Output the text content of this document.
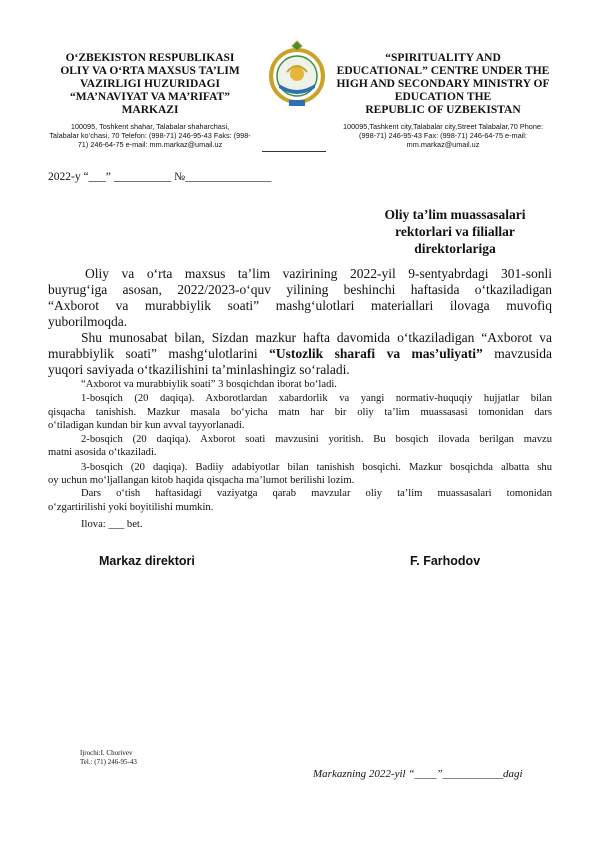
O‘ZBEKISTON RESPUBLIKASI
OLIY VA O‘RTA MAXSUS TA’LIM
VAZIRLIGI HUZURIDAGI
“MA’NAVIYAT VA MA’RIFAT”
MARKAZI
100095, Toshkent shahar, Talabalar shaharchasi,
Talabalar ko‘chasi, 70 Telefon: (998-71) 246-95-43 Faks: (998-
71) 246-64-75 e-mail: mm.markaz@umail.uz
“SPIRITUALITY AND
EDUCATIONAL” CENTRE UNDER THE
HIGH AND SECONDARY MINISTRY OF
EDUCATION THE
REPUBLIC OF UZBEKISTAN
100095,Tashkent city,Talabalar city,Street Talabalar,70 Phone:
(998-71) 246-95-43 Fax: (998-71) 246-64-75 e-mail:
mm.markaz@umail.uz
2022-y “___” __________ №_______________
Oliy ta’lim muassasalari
rektorlari va filiallar
direktorlariga
Oliy va o‘rta maxsus ta’lim vazirining 2022-yil 9-sentyabrdagi 301-sonli
buyrug‘iga asosan, 2022/2023-o‘quv yilining beshinchi haftasida o‘tkaziladigan
“Axborot va murabbiylik soati” mashg‘ulotlari materiallari ilovaga muvofiq
yuborilmoqda.
Shu munosabat bilan, Sizdan mazkur hafta davomida o‘tkaziladigan “Axborot va
murabbiylik soati” mashg‘ulotlarini “Ustozlik sharafi va mas’uliyati” mavzusida
yuqori saviyada o‘tkazilishini ta’minlashingiz so‘raladi.
“Axborot va murabbiylik soati” 3 bosqichdan iborat bo‘ladi.
1-bosqich (20 daqiqa). Axborotlardan xabardorlik va yangi normativ-huquqiy hujjatlar bilan
qisqacha tanishish. Mazkur masala bo‘yicha matn har bir oliy ta’lim muassasasi tomonidan dars
o‘tiladigan kundan bir kun avval tayyorlanadi.
2-bosqich (20 daqiqa). Axborot soati mavzusini yoritish. Bu bosqich ilovada berilgan mavzu
matni asosida o‘tkaziladi.
3-bosqich (20 daqiqa). Badiiy adabiyotlar bilan tanishish bosqichi. Mazkur bosqichda albatta shu
oy uchun mo‘ljallangan kitob haqida qisqacha ma’lumot berilishi lozim.
Dars o‘tish haftasidagi vaziyatga qarab mavzular oliy ta’lim muassasalari tomonidan
o‘zgartirilishi yoki boyitilishi mumkin.
Ilova: ___ bet.
Markaz direktori	F. Farhodov
Ijrochi:I. Chorivev
Tel.: (71) 246-95-43
Markazning 2022-yil “____”___________dagi
